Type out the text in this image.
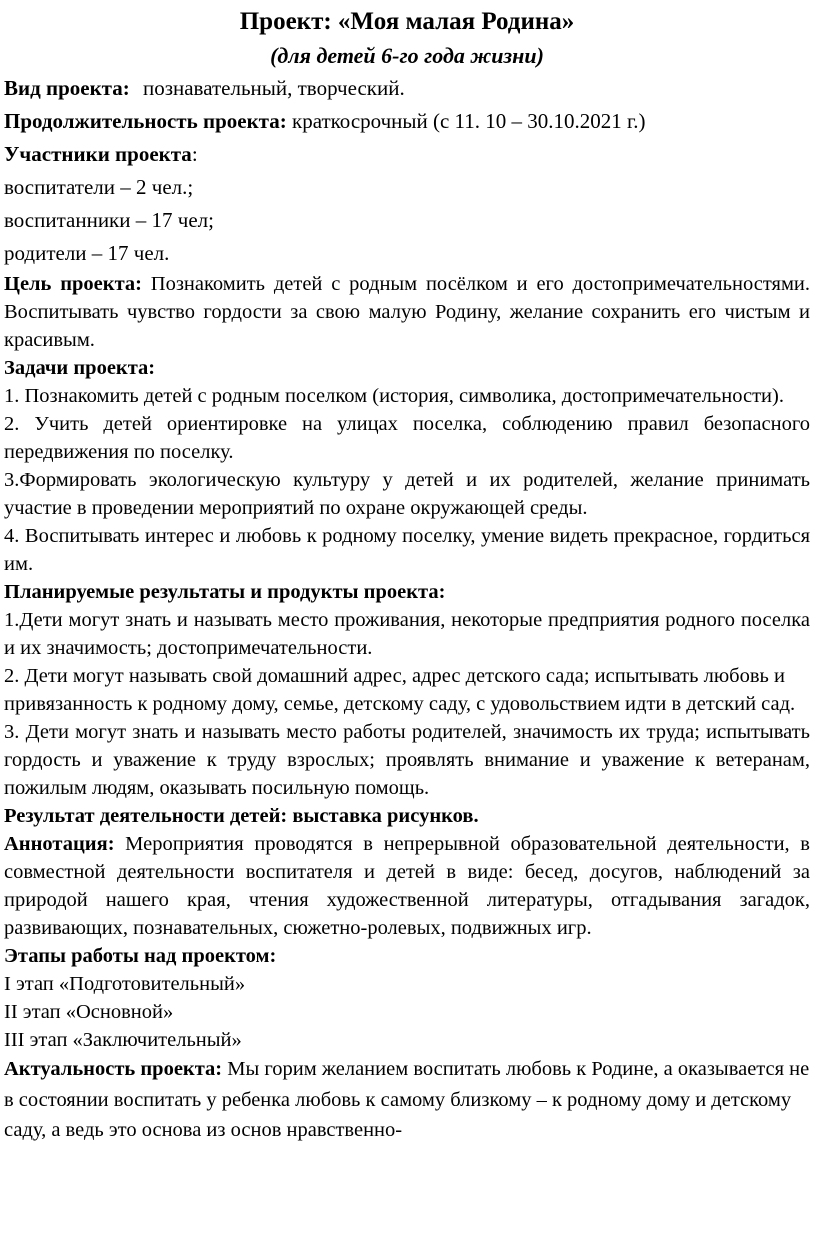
Проект: «Моя малая Родина»
(для детей 6-го года жизни)

Вид проекта: познавательный, творческий.

Продолжительность проекта: краткосрочный (с 11. 10 – 30.10.2021 г.)

Участники проекта:

воспитатели – 2 чел.;

воспитанники – 17 чел;

родители – 17 чел.

Цель проекта: Познакомить детей с родным посёлком и его достопримечательностями. Воспитывать чувство гордости за свою малую Родину, желание сохранить его чистым и красивым.

Задачи проекта:

1. Познакомить детей с родным поселком (история, символика, достопримечательности).

2. Учить детей ориентировке на улицах поселка, соблюдению правил безопасного передвижения по поселку.

3.Формировать экологическую культуру у детей и их родителей, желание принимать участие в проведении мероприятий по охране окружающей среды.

4. Воспитывать интерес и любовь к родному поселку, умение видеть прекрасное, гордиться им.

Планируемые результаты и продукты проекта:

1.Дети могут знать и называть место проживания, некоторые предприятия родного поселка и их значимость; достопримечательности.

2. Дети могут называть свой домашний адрес, адрес детского сада; испытывать любовь и привязанность к родному дому, семье, детскому саду, с удовольствием идти в детский сад.

3. Дети могут знать и называть место работы родителей, значимость их труда; испытывать гордость и уважение к труду взрослых; проявлять внимание и уважение к ветеранам, пожилым людям, оказывать посильную помощь.

Результат деятельности детей: выставка рисунков.

Аннотация: Мероприятия проводятся в непрерывной образовательной деятельности, в совместной деятельности воспитателя и детей в виде: бесед, досугов, наблюдений за природой нашего края, чтения художественной литературы, отгадывания загадок, развивающих, познавательных, сюжетно-ролевых, подвижных игр.

Этапы работы над проектом:

I этап «Подготовительный»

II этап «Основной»

III этап «Заключительный»

Актуальность проекта: Мы горим желанием воспитать любовь к Родине, а оказывается не в состоянии воспитать у ребенка любовь к самому близкому – к родному дому и детскому саду, а ведь это основа из основ нравственно-
